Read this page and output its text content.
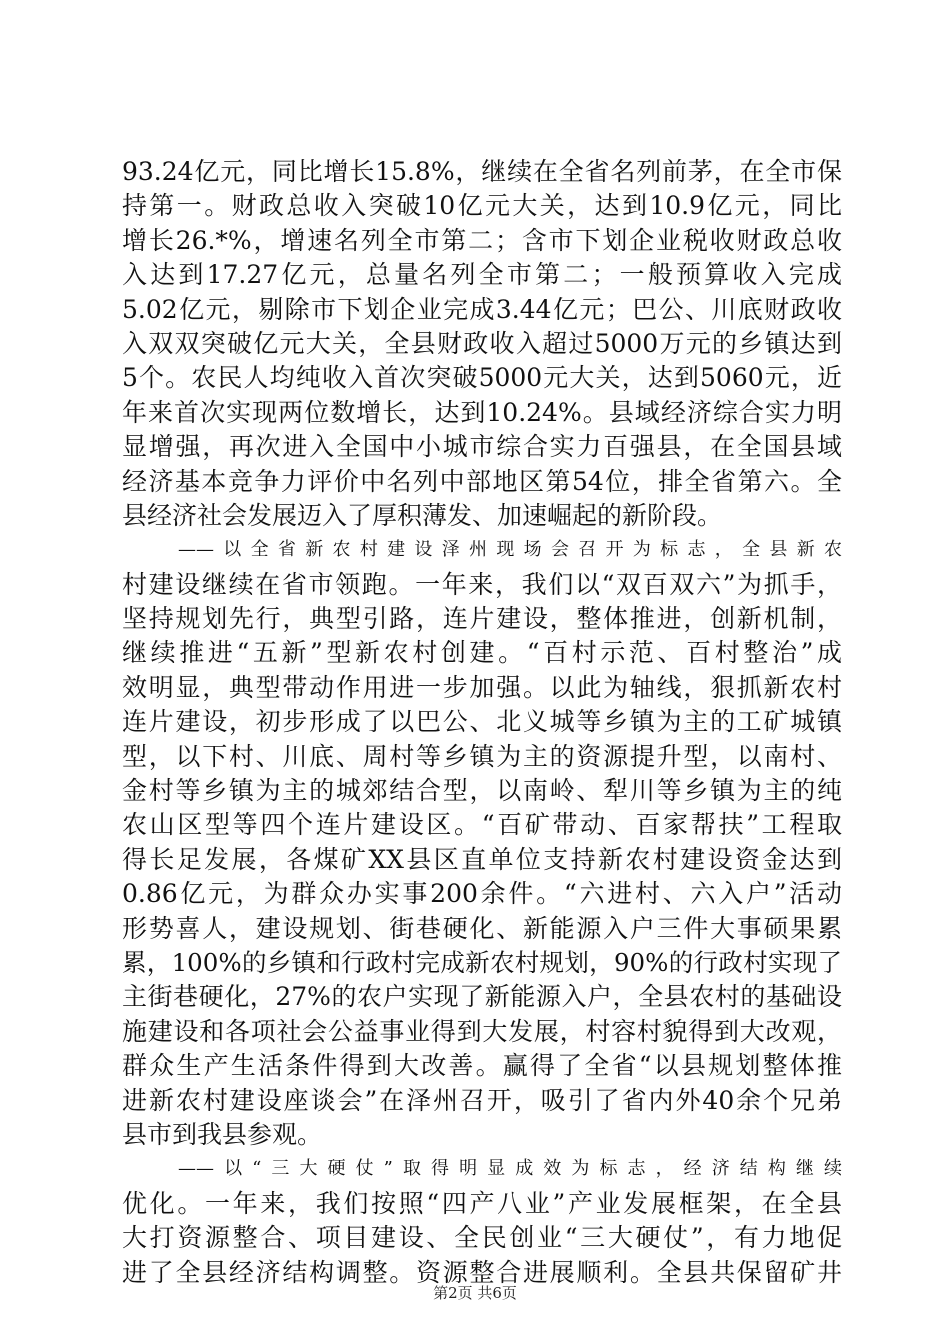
93.24亿元，同比增长15.8%，继续在全省名列前茅，在全市保
持第一。财政总收入突破10亿元大关，达到10.9亿元，同比
增长26.*%，增速名列全市第二；含市下划企业税收财政总收
入达到17.27亿元，总量名列全市第二；一般预算收入完成
5.02亿元，剔除市下划企业完成3.44亿元；巴公、川底财政收
入双双突破亿元大关，全县财政收入超过5000万元的乡镇达到
5个。农民人均纯收入首次突破5000元大关，达到5060元，近
年来首次实现两位数增长，达到10.24%。县域经济综合实力明
显增强，再次进入全国中小城市综合实力百强县，在全国县域
经济基本竞争力评价中名列中部地区第54位，排全省第六。全
县经济社会发展迈入了厚积薄发、加速崛起的新阶段。
——以全省新农村建设泽州现场会召开为标志，全县新农
村建设继续在省市领跑。一年来，我们以“双百双六”为抓手，
坚持规划先行，典型引路，连片建设，整体推进，创新机制，
继续推进“五新”型新农村创建。“百村示范、百村整治”成
效明显，典型带动作用进一步加强。以此为轴线，狠抓新农村
连片建设，初步形成了以巴公、北义城等乡镇为主的工矿城镇
型，以下村、川底、周村等乡镇为主的资源提升型，以南村、
金村等乡镇为主的城郊结合型，以南岭、犁川等乡镇为主的纯
农山区型等四个连片建设区。“百矿带动、百家帮扶”工程取
得长足发展，各煤矿XX县区直单位支持新农村建设资金达到
0.86亿元，为群众办实事200余件。“六进村、六入户”活动
形势喜人，建设规划、街巷硬化、新能源入户三件大事硕果累
累，100%的乡镇和行政村完成新农村规划，90%的行政村实现了
主街巷硬化，27%的农户实现了新能源入户，全县农村的基础设
施建设和各项社会公益事业得到大发展，村容村貌得到大改观，
群众生产生活条件得到大改善。赢得了全省“以县规划整体推
进新农村建设座谈会”在泽州召开，吸引了省内外40余个兄弟
县市到我县参观。
——以“三大硬仗”取得明显成效为标志，经济结构继续
优化。一年来，我们按照“四产八业”产业发展框架，在全县
大打资源整合、项目建设、全民创业“三大硬仗”，有力地促
进了全县经济结构调整。资源整合进展顺利。全县共保留矿井
第2页 共6页
